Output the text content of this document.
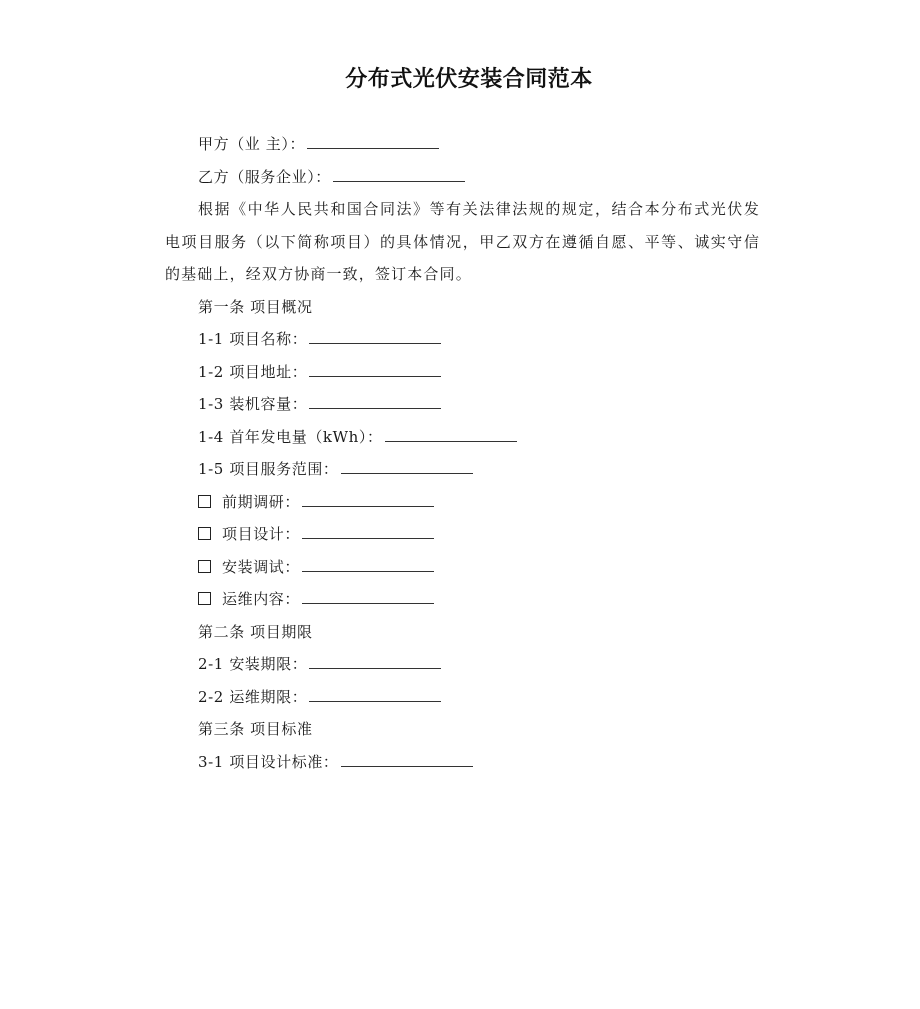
分布式光伏安装合同范本
甲方（业 主）：
乙方（服务企业）：
根据《中华人民共和国合同法》等有关法律法规的规定，结合本分布式光伏发电项目服务（以下简称项目）的具体情况，甲乙双方在遵循自愿、平等、诚实守信的基础上，经双方协商一致，签订本合同。
第一条 项目概况
1-1 项目名称：
1-2 项目地址：
1-3 装机容量：
1-4 首年发电量（kWh）：
1-5 项目服务范围：
前期调研：
项目设计：
安装调试：
运维内容：
第二条 项目期限
2-1 安装期限：
2-2 运维期限：
第三条 项目标准
3-1 项目设计标准：
